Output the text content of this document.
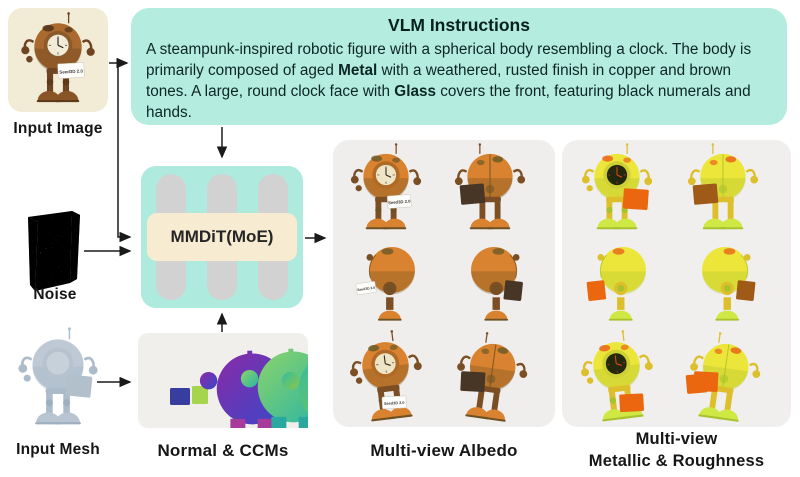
Seed3D 2.0
Input Image
Noise
Input Mesh
VLM Instructions

A steampunk-inspired robotic figure with a spherical body resembling a clock. The body is primarily composed of aged Metal with a weathered, rusted finish in copper and brown tones. A large, round clock face with Glass covers the front, featuring black numerals and hands.

MMDiT(MoE)
Normal & CCMs
Seed3D 2.0
Seed3D 2.0
Seed3D 2.0
Multi-view Albedo
Multi-view
Metallic & Roughness
